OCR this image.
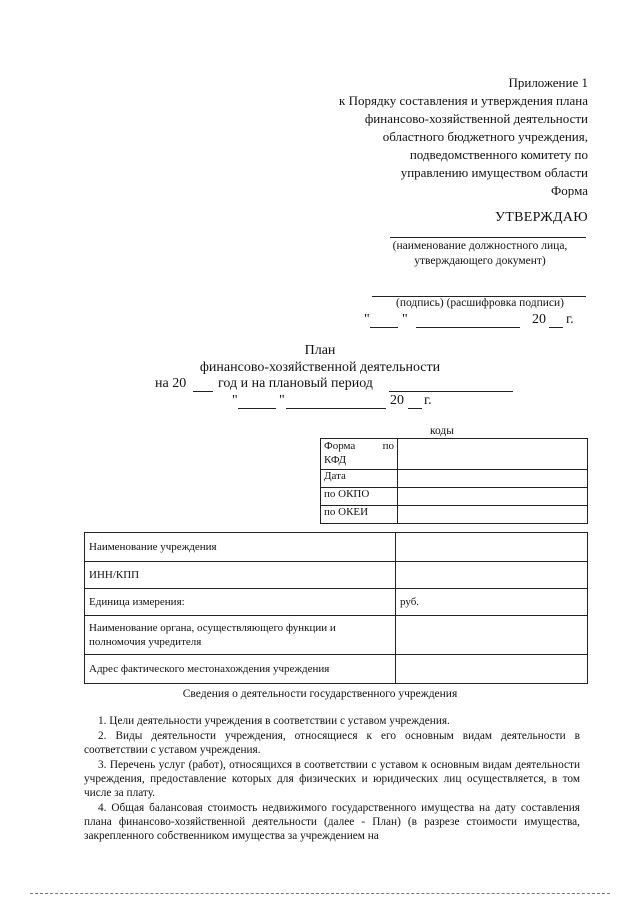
Приложение 1
к Порядку составления и утверждения плана
финансово-хозяйственной деятельности
областного бюджетного учреждения,
подведомственного комитету по
управлению имуществом области
Форма
УТВЕРЖДАЮ
(наименование должностного лица,
утверждающего документ)
(подпись) (расшифровка подписи)
" "	20 г.
План
финансово-хозяйственной деятельности
на 20 год и на плановый период
"	"	20 г.
коды
Форма по
КФД	

Дата	
по ОКПО	
по ОКЕИ	
Наименование учреждения	
ИНН/КПП	
Единица измерения:	руб.
Наименование органа, осуществляющего функции и полномочия учредителя	
Адрес фактического местонахождения учреждения	
Сведения о деятельности государственного учреждения
1. Цели деятельности учреждения в соответствии с уставом учреждения.
2. Виды деятельности учреждения, относящиеся к его основным видам деятельности в соответствии с уставом учреждения.
3. Перечень услуг (работ), относящихся в соответствии с уставом к основным видам деятельности учреждения, предоставление которых для физических и юридических лиц осуществляется, в том числе за плату.
4. Общая балансовая стоимость недвижимого государственного имущества на дату составления плана финансово-хозяйственной деятельности (далее - План) (в разрезе стоимости имущества, закрепленного собственником имущества за учреждением на
